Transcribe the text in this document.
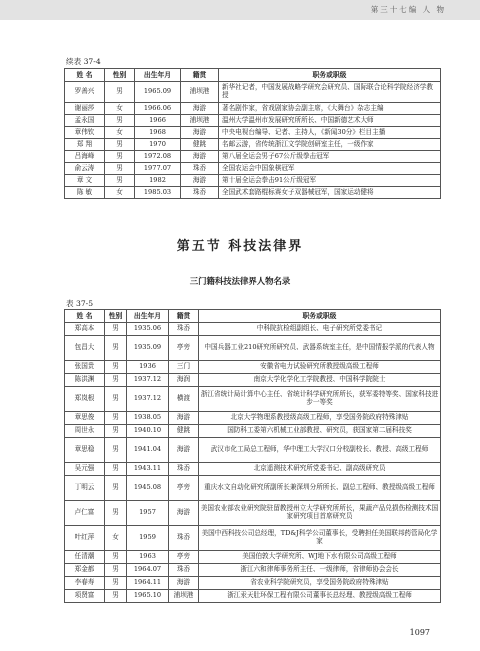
第三十七编 人 物
续表 37-4
姓 名	性别	出生年月	籍贯	职务或职级
罗善兴	男	1965.09	浦坝港	新华社记者，中国发展战略学研究会研究员、国际联合论科学院经济学教授
谢丽莎	女	1966.06	海游	著名剧作家，省戏剧家协会副主席，《大舞台》杂志主编
孟永国	男	1966	浦坝港	温州大学温州市发展研究所所长、中国新德艺术大师
章伟钦	女	1968	海游	中央电视台编导、记者、主持人，《新闻30分》栏目主播
郑 翔	男	1970	健跳	名邮云游，省传统浙江文学院创研室主任，一级作家
吕海峰	男	1972.08	海游	第八届全运会男子67公斤级拳击冠军
俞云涛	男	1977.07	珠岙	全国农运会中国象棋冠军
章 文	男	1982	海游	第十届全运会拳击91公斤级冠军
陈 敏	女	1985.03	珠岙	全国武术套路棍标赛女子双器械冠军，国家运动健将
第五节 科技法律界
三门籍科技法律界人物名录
表 37-5
姓 名	性别	出生年月	籍贯	职务或职级
郑高本	男	1935.06	珠岙	中科院抗检组副组长、电子研究所党委书记
包昌大	男	1935.09	亭旁	中国兵器工业210研究所研究员、武器系统室主任，是中国情报学派的代表人物
张国贵	男	1936	三门	安徽省电力试验研究所教授级高级工程师
陈洪渊	男	1937.12	海润	南京大学化学化工学院教授、中国科学院院士
郑岚根	男	1937.12	横渡	浙江省统计局计算中心主任、省统计科学研究所所长，获军委特等奖、国家科技进步一等奖
章思俊	男	1938.05	海游	北京大学物理系教授级高级工程师，享受国务院政府特殊津贴
周世永	男	1940.10	健跳	国防科工委第六机械工业部教授、研究员，获国家第二届科技奖
章思稳	男	1941.04	海游	武汉市化工局总工程师，华中理工大学汉口分校副校长、教授、高级工程师
吴元强	男	1943.11	珠岙	北京遥测技术研究所党委书记、副高级研究员
丁明云	男	1945.08	亭旁	重庆水文自动化研究所副所长兼深圳分所所长、副总工程师、教授级高级工程师
卢仁富	男	1957	海游	美国农业部农业研究院驻留教授州立大学研究所所长，果蔬产品兑损伤检测技术国家研究项目首席研究员
叶红萍	女	1959	珠岙	美国中西科技公司总经理，TD&J科学公司董事长，受聘担任美国联邦药管局化学家
任清潮	男	1963	亭旁	美国伯敦大学研究所、WJ地下水有限公司高级工程师
郑金都	男	1964.07	珠岙	浙江六和律师事务所主任、一级律师，省律师协会会长
李春寿	男	1964.11	海游	省农业科学院研究员，享受国务院政府特殊津贴
项贤富	男	1965.10	浦坝港	浙江汞天肚环保工程有限公司董事长总经理、教授级高级工程师
1097
